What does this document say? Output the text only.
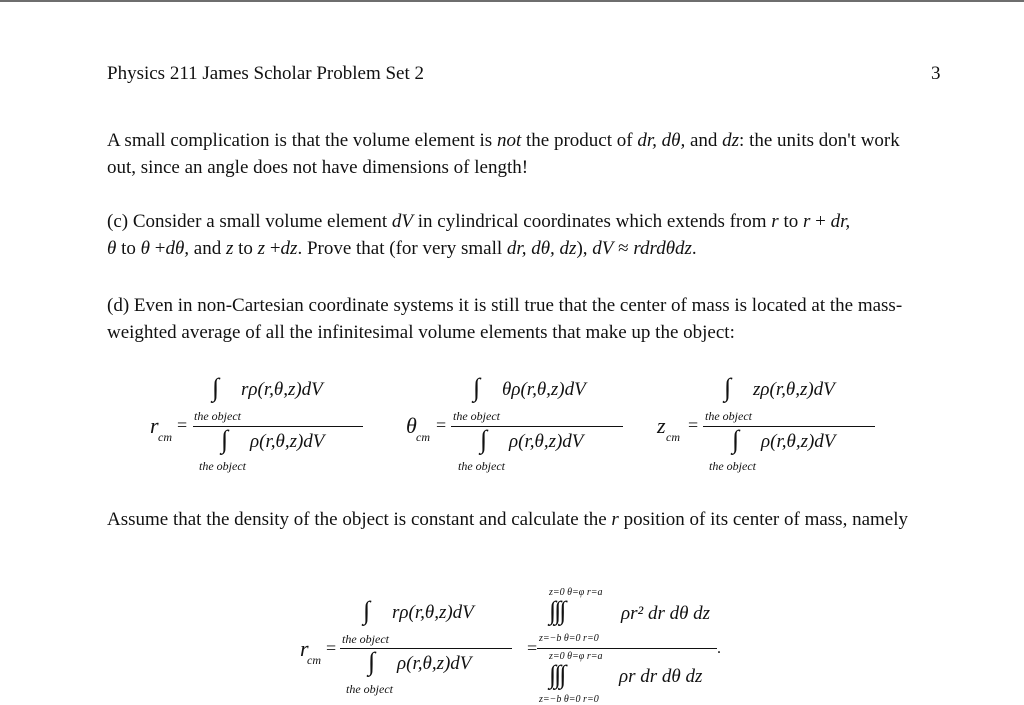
Physics 211 James Scholar Problem Set 2	3

A small complication is that the volume element is not the product of dr, dθ, and dz: the units don't work out, since an angle does not have dimensions of length!

(c) Consider a small volume element dV in cylindrical coordinates which extends from r to r + dr,
θ to θ +dθ, and z to z +dz. Prove that (for very small dr, dθ, dz), dV ≈ rdrdθdz.

(d) Even in non-Cartesian coordinate systems it is still true that the center of mass is located at the mass-weighted average of all the infinitesimal volume elements that make up the object:

r cm
=
∫ rρ(r,θ,z)dV
the object
∫ ρ(r,θ,z)dV
the object
θ cm
=
∫ θρ(r,θ,z)dV
the object
∫ ρ(r,θ,z)dV
the object
z cm
=
∫ zρ(r,θ,z)dV
the object
∫ ρ(r,θ,z)dV
the object

Assume that the density of the object is constant and calculate the r position of its center of mass, namely

r
cm
=
∫ rρ(r,θ,z)dV
the object
∫ ρ(r,θ,z)dV
the object
=
z=0 θ=φ r=a
∫∫∫	ρr² dr dθ dz
z=−b θ=0 r=0
.
z=0 θ=φ r=a
∫∫∫	ρr dr dθ dz
z=−b θ=0 r=0
